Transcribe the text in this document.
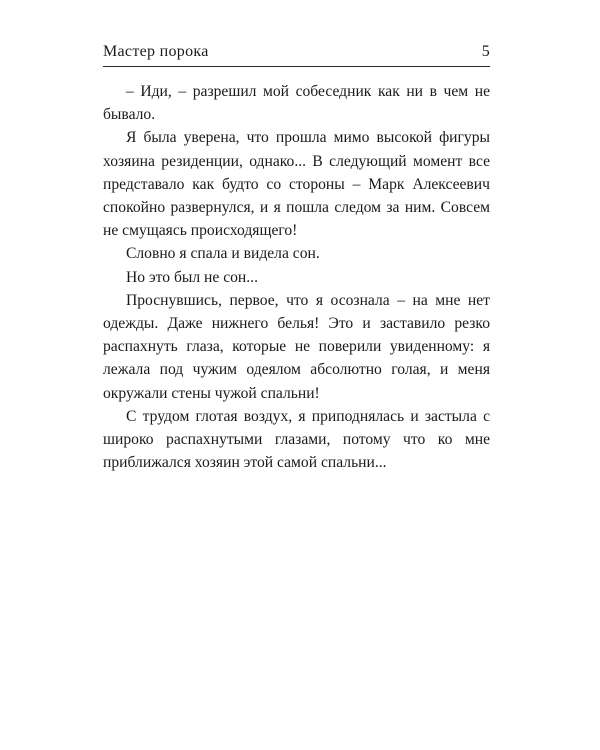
Мастер порока	5

– Иди, – разрешил мой собеседник как ни в чем не бывало.

Я была уверена, что прошла мимо высокой фигуры хозяина резиденции, однако... В следующий момент все представало как будто со стороны – Марк Алексеевич спокойно развернулся, и я пошла следом за ним. Совсем не смущаясь происходящего!

Словно я спала и видела сон.

Но это был не сон...

Проснувшись, первое, что я осознала – на мне нет одежды. Даже нижнего белья! Это и заставило резко распахнуть глаза, которые не поверили увиденному: я лежала под чужим одеялом абсолютно голая, и меня окружали стены чужой спальни!

С трудом глотая воздух, я приподнялась и застыла с широко распахнутыми глазами, потому что ко мне приближался хозяин этой самой спальни...
